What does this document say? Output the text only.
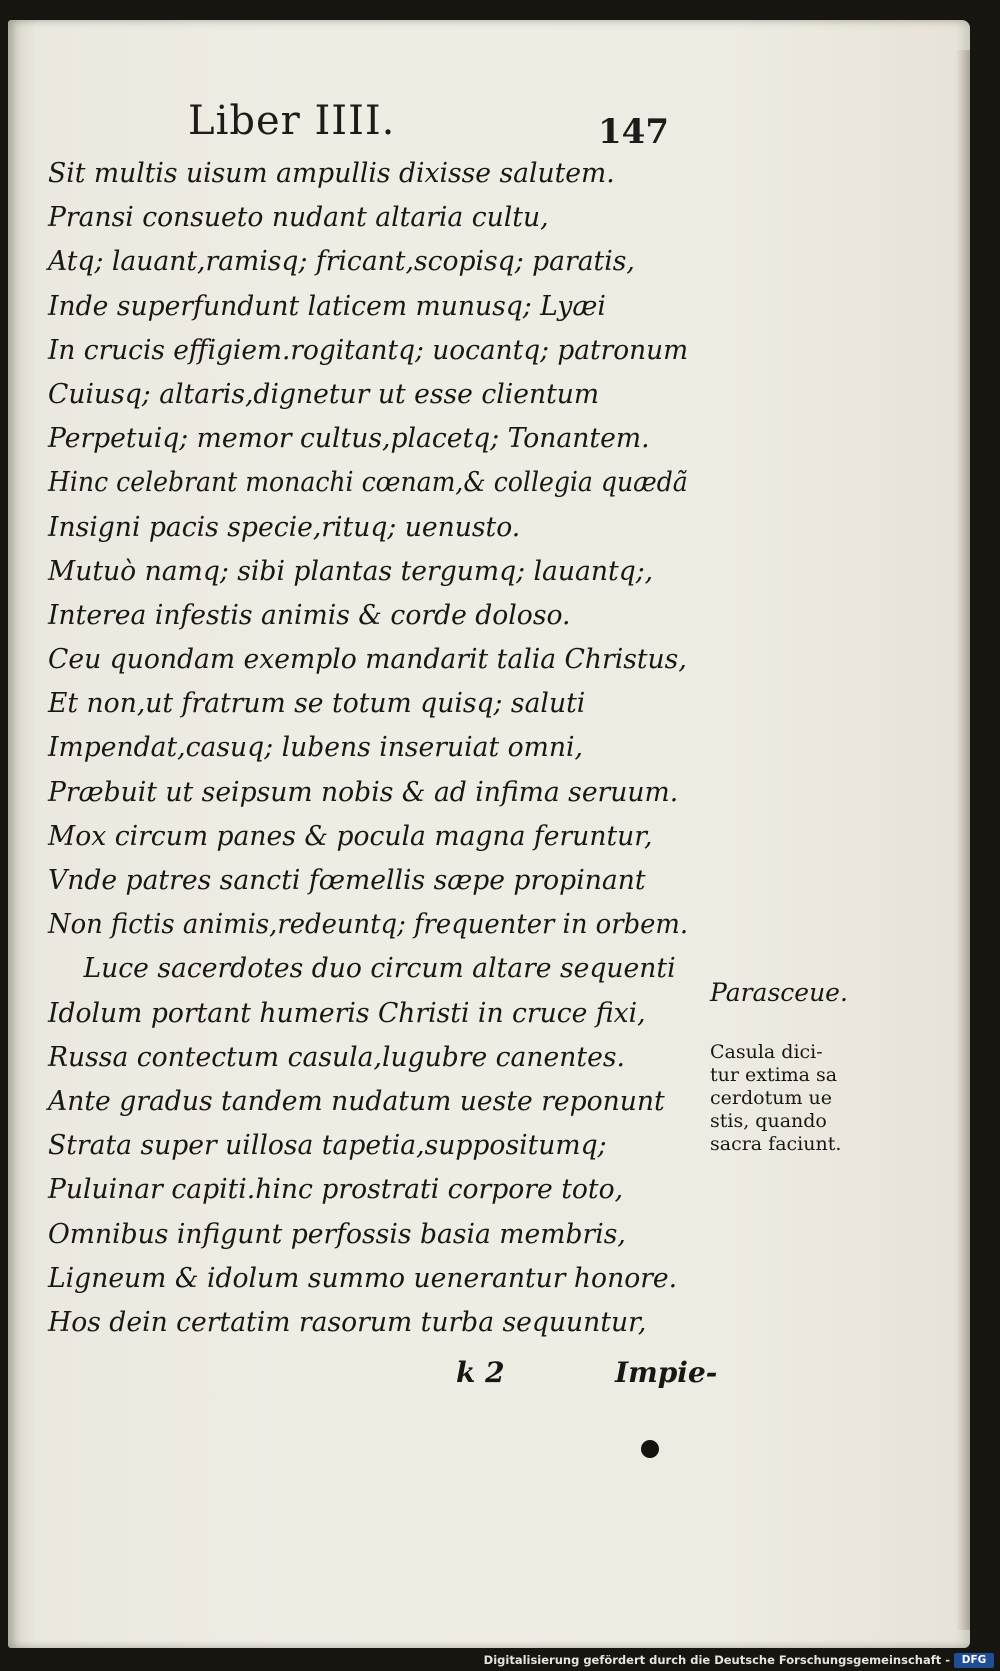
Liber IIII.	147
Sit multis uisum ampullis dixisse salutem.
Pransi consueto nudant altaria cultu,
Atq; lauant,ramisq; fricant,scopisq; paratis,
Inde superfundunt laticem munusq; Lyæi
In crucis effigiem.rogitantq; uocantq; patronum
Cuiusq; altaris,dignetur ut esse clientum
Perpetuiq; memor cultus,placetq; Tonantem.
Hinc celebrant monachi cœnam,& collegia quædã
Insigni pacis specie,rituq; uenusto.
Mutuò namq; sibi plantas tergumq; lauantq;,
Interea infestis animis & corde doloso.
Ceu quondam exemplo mandarit talia Christus,
Et non,ut fratrum se totum quisq; saluti
Impendat,casuq; lubens inseruiat omni,
Præbuit ut seipsum nobis & ad infima seruum.
Mox circum panes & pocula magna feruntur,
Vnde patres sancti fœmellis sæpe propinant
Non fictis animis,redeuntq; frequenter in orbem.
Luce sacerdotes duo circum altare sequenti
Idolum portant humeris Christi in cruce fixi,
Russa contectum casula,lugubre canentes.
Ante gradus tandem nudatum ueste reponunt
Strata super uillosa tapetia,suppositumq;
Puluinar capiti.hinc prostrati corpore toto,
Omnibus infigunt perfossis basia membris,
Ligneum & idolum summo uenerantur honore.
Hos dein certatim rasorum turba sequuntur,
Parasceue.
Casula dici-
tur extima sa
cerdotum ue
stis, quando
sacra faciunt.
k 2	Impie-
Digitalisierung gefördert durch die Deutsche Forschungsgemeinschaft -	DFG
